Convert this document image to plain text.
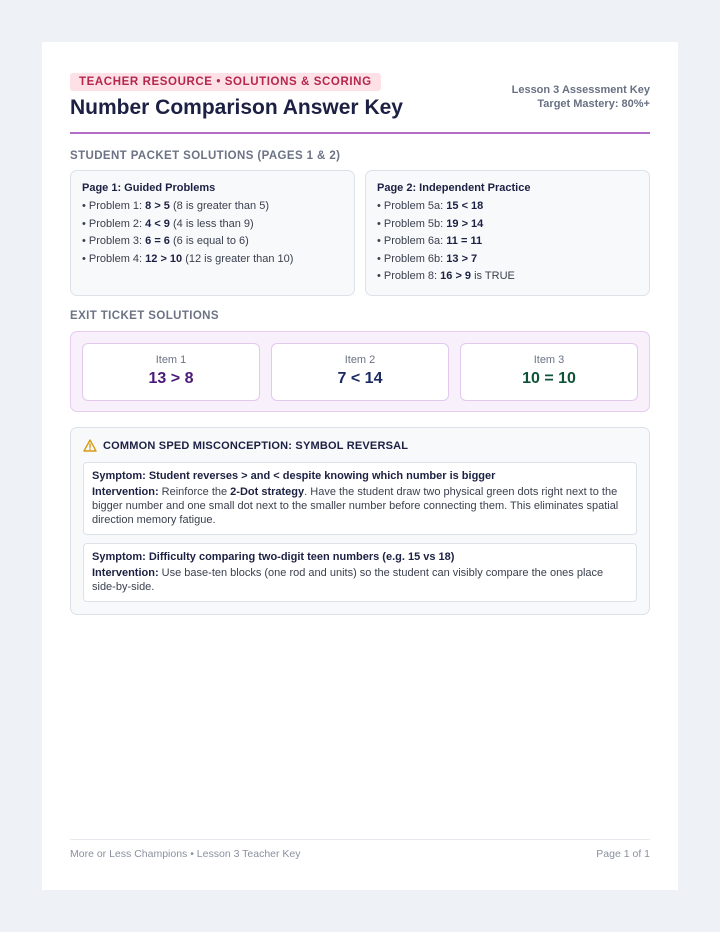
TEACHER RESOURCE • SOLUTIONS & SCORING
Number Comparison Answer Key
Lesson 3 Assessment Key
Target Mastery: 80%+
STUDENT PACKET SOLUTIONS (PAGES 1 & 2)
Page 1: Guided Problems
• Problem 1: 8 > 5 (8 is greater than 5)
• Problem 2: 4 < 9 (4 is less than 9)
• Problem 3: 6 = 6 (6 is equal to 6)
• Problem 4: 12 > 10 (12 is greater than 10)
Page 2: Independent Practice
• Problem 5a: 15 < 18
• Problem 5b: 19 > 14
• Problem 6a: 11 = 11
• Problem 6b: 13 > 7
• Problem 8: 16 > 9 is TRUE
EXIT TICKET SOLUTIONS
Item 1
13 > 8
Item 2
7 < 14
Item 3
10 = 10
COMMON SPED MISCONCEPTION: SYMBOL REVERSAL
Symptom: Student reverses > and < despite knowing which number is bigger
Intervention: Reinforce the 2-Dot strategy. Have the student draw two physical green dots right next to the bigger number and one small dot next to the smaller number before connecting them. This eliminates spatial direction memory fatigue.
Symptom: Difficulty comparing two-digit teen numbers (e.g. 15 vs 18)
Intervention: Use base-ten blocks (one rod and units) so the student can visibly compare the ones place side-by-side.
More or Less Champions • Lesson 3 Teacher Key	Page 1 of 1
